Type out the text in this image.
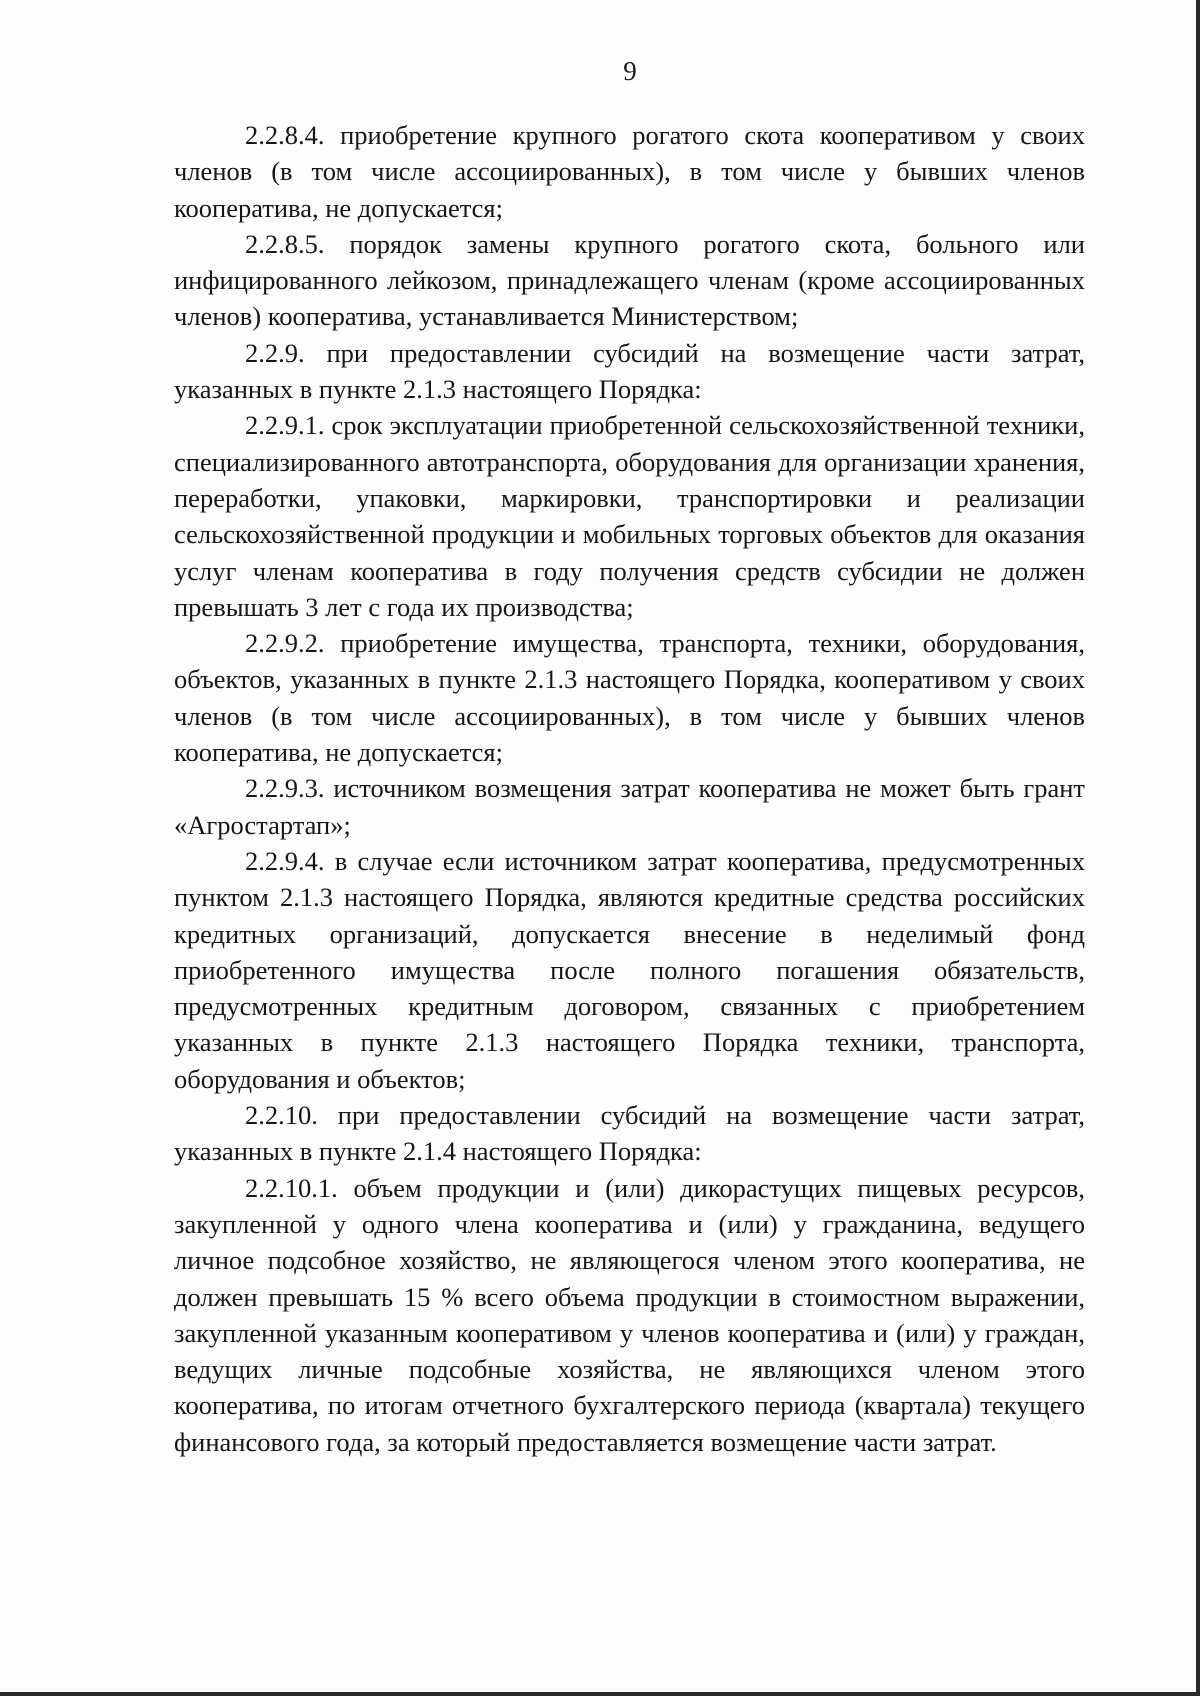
9

2.2.8.4. приобретение крупного рогатого скота кооперативом у своих членов (в том числе ассоциированных), в том числе у бывших членов кооператива, не допускается;

2.2.8.5. порядок замены крупного рогатого скота, больного или инфицированного лейкозом, принадлежащего членам (кроме ассоциированных членов) кооператива, устанавливается Министерством;

2.2.9. при предоставлении субсидий на возмещение части затрат, указанных в пункте 2.1.3 настоящего Порядка:

2.2.9.1. срок эксплуатации приобретенной сельскохозяйственной техники, специализированного автотранспорта, оборудования для организации хранения, переработки, упаковки, маркировки, транспортировки и реализации сельскохозяйственной продукции и мобильных торговых объектов для оказания услуг членам кооператива в году получения средств субсидии не должен превышать 3 лет с года их производства;

2.2.9.2. приобретение имущества, транспорта, техники, оборудования, объектов, указанных в пункте 2.1.3 настоящего Порядка, кооперативом у своих членов (в том числе ассоциированных), в том числе у бывших членов кооператива, не допускается;

2.2.9.3. источником возмещения затрат кооператива не может быть грант «Агростартап»;

2.2.9.4. в случае если источником затрат кооператива, предусмотренных пунктом 2.1.3 настоящего Порядка, являются кредитные средства российских кредитных организаций, допускается внесение в неделимый фонд приобретенного имущества после полного погашения обязательств, предусмотренных кредитным договором, связанных с приобретением указанных в пункте 2.1.3 настоящего Порядка техники, транспорта, оборудования и объектов;

2.2.10. при предоставлении субсидий на возмещение части затрат, указанных в пункте 2.1.4 настоящего Порядка:

2.2.10.1. объем продукции и (или) дикорастущих пищевых ресурсов, закупленной у одного члена кооператива и (или) у гражданина, ведущего личное подсобное хозяйство, не являющегося членом этого кооператива, не должен превышать 15 % всего объема продукции в стоимостном выражении, закупленной указанным кооперативом у членов кооператива и (или) у граждан, ведущих личные подсобные хозяйства, не являющихся членом этого кооператива, по итогам отчетного бухгалтерского периода (квартала) текущего финансового года, за который предоставляется возмещение части затрат.
